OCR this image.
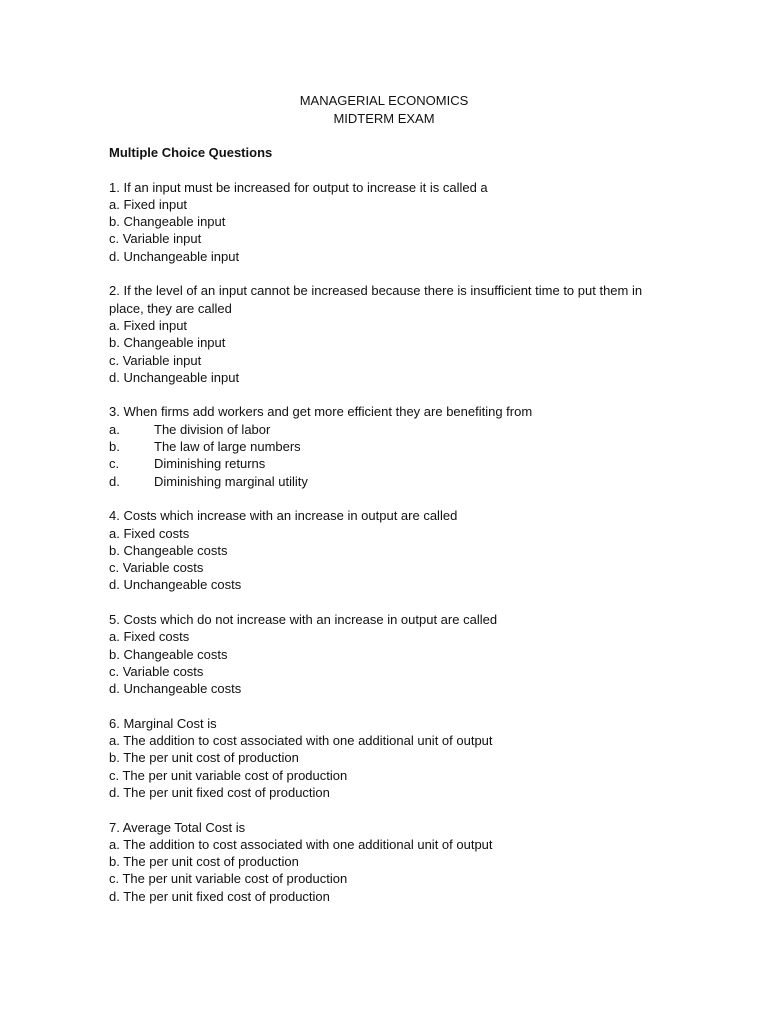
MANAGERIAL ECONOMICS
MIDTERM EXAM
Multiple Choice Questions
1. If an input must be increased for output to increase it is called a
a. Fixed input
b. Changeable input
c. Variable input
d. Unchangeable input
2. If the level of an input cannot be increased because there is insufficient time to put them in place, they are called
a. Fixed input
b. Changeable input
c. Variable input
d. Unchangeable input
3. When firms add workers and get more efficient they are benefiting from
a.	The division of labor
b.	The law of large numbers
c.	Diminishing returns
d.	Diminishing marginal utility
4. Costs which increase with an increase in output are called
a. Fixed costs
b. Changeable costs
c. Variable costs
d. Unchangeable costs
5. Costs which do not increase with an increase in output are called
a. Fixed costs
b. Changeable costs
c. Variable costs
d. Unchangeable costs
6. Marginal Cost is
a. The addition to cost associated with one additional unit of output
b. The per unit cost of production
c. The per unit variable cost of production
d. The per unit fixed cost of production
7. Average Total Cost is
a. The addition to cost associated with one additional unit of output
b. The per unit cost of production
c. The per unit variable cost of production
d. The per unit fixed cost of production
